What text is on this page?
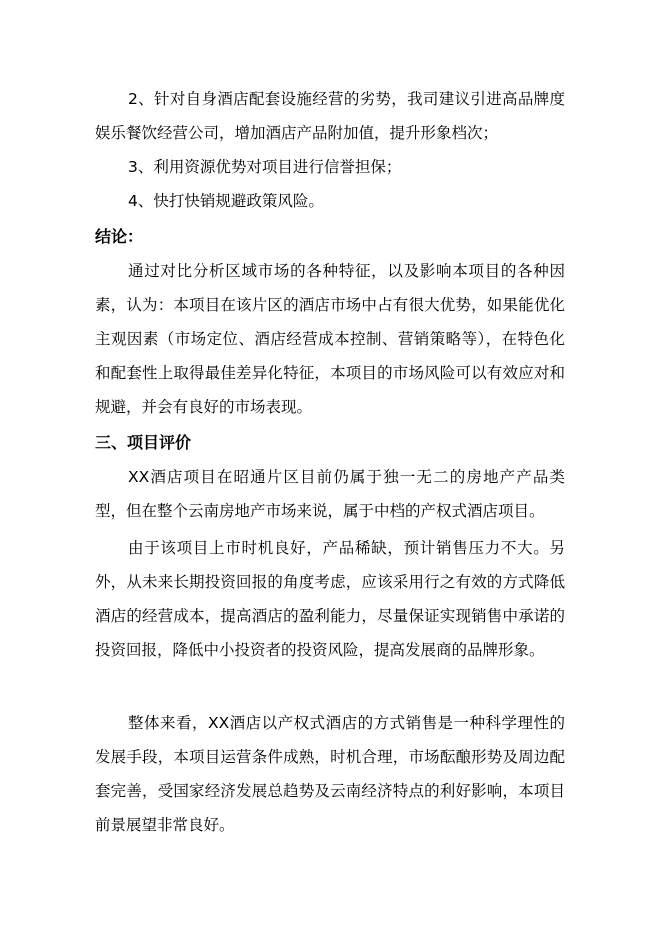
2、针对自身酒店配套设施经营的劣势，我司建议引进高品牌度娱乐餐饮经营公司，增加酒店产品附加值，提升形象档次；
3、利用资源优势对项目进行信誉担保；
4、快打快销规避政策风险。
结论：
通过对比分析区域市场的各种特征，以及影响本项目的各种因素，认为：本项目在该片区的酒店市场中占有很大优势，如果能优化主观因素（市场定位、酒店经营成本控制、营销策略等），在特色化和配套性上取得最佳差异化特征，本项目的市场风险可以有效应对和规避，并会有良好的市场表现。
三、项目评价
XX酒店项目在昭通片区目前仍属于独一无二的房地产产品类型，但在整个云南房地产市场来说，属于中档的产权式酒店项目。
由于该项目上市时机良好，产品稀缺，预计销售压力不大。另外，从未来长期投资回报的角度考虑，应该采用行之有效的方式降低酒店的经营成本，提高酒店的盈利能力，尽量保证实现销售中承诺的投资回报，降低中小投资者的投资风险，提高发展商的品牌形象。
整体来看，XX酒店以产权式酒店的方式销售是一种科学理性的发展手段，本项目运营条件成熟，时机合理，市场酝酿形势及周边配套完善，受国家经济发展总趋势及云南经济特点的利好影响，本项目前景展望非常良好。
